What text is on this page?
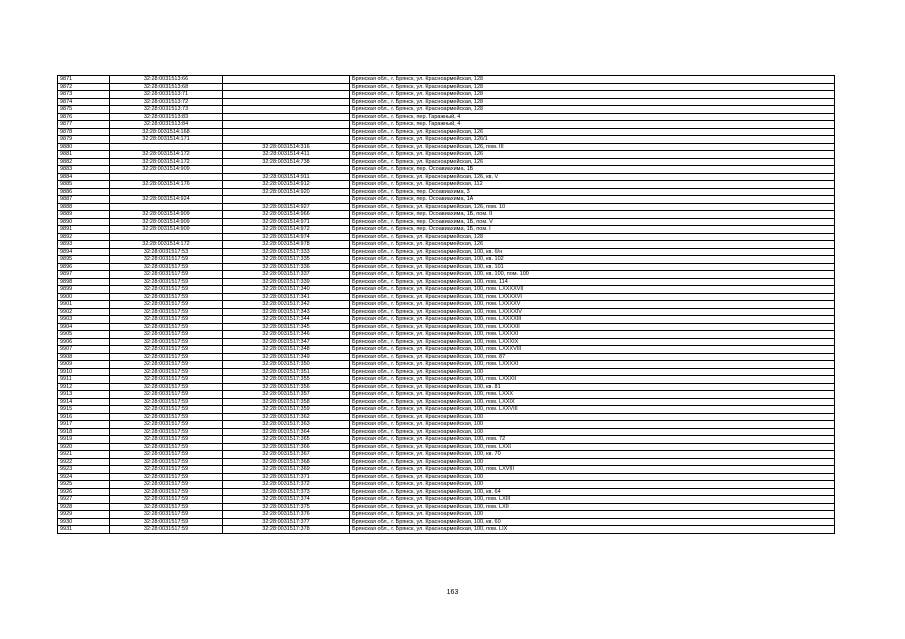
9871	32:28:0031513:66		Брянская обл., г. Брянск, ул. Красноармейская, 128
9872	32:28:0031513:68		Брянская обл., г. Брянск, ул. Красноармейская, 128
9873	32:28:0031513:71		Брянская обл., г. Брянск, ул. Красноармейская, 128
9874	32:28:0031513:72		Брянская обл., г. Брянск, ул. Красноармейская, 128
9875	32:28:0031513:73		Брянская обл., г. Брянск, ул. Красноармейская, 128
9876	32:28:0031513:83		Брянская обл., г. Брянск, пер. Гаражный, 4
9877	32:28:0031513:84		Брянская обл., г. Брянск, пер. Гаражный, 4
9878	32:28:0031514:168		Брянская обл., г. Брянск, ул. Красноармейская, 126
9879	32:28:0031514:171		Брянская обл., г. Брянск, ул. Красноармейская, 126/1
9880		32:28:0031514:316	Брянская обл., г. Брянск, ул. Красноармейская, 126, пом. III
9881	32:28:0031514:172	32:28:0031514:411	Брянская обл., г. Брянск, ул. Красноармейская, 126
9882	32:28:0031514:172	32:28:0031514:738	Брянская обл., г. Брянск, ул. Красноармейская, 126
9883	32:28:0031514:909		Брянская обл., г. Брянск, пер. Осоавиахима, 1Б
9884		32:28:0031514:911	Брянская обл., г. Брянск, ул. Красноармейская, 126, кв. V
9885	32:28:0031514:176	32:28:0031514:912	Брянская обл., г. Брянск, ул. Красноармейская, 112
9886		32:28:0031514:920	Брянская обл., г. Брянск, пер. Осоавиахима, 3
9887	32:28:0031514:924		Брянская обл., г. Брянск, пер. Осоавиахима, 1А
9888		32:28:0031514:927	Брянская обл., г. Брянск, ул. Красноармейская, 126, пом. 10
9889	32:28:0031514:909	32:28:0031514:966	Брянская обл., г. Брянск, пер. Осоавиахима, 1Б, пом. II
9890	32:28:0031514:909	32:28:0031514:971	Брянская обл., г. Брянск, пер. Осоавиахима, 1Б, пом. V
9891	32:28:0031514:909	32:28:0031514:972	Брянская обл., г. Брянск, пер. Осоавиахима, 1Б, пом. I
9892		32:28:0031514:974	Брянская обл., г. Брянск, ул. Красноармейская, 128
9893	32:28:0031514:172	32:28:0031514:978	Брянская обл., г. Брянск, ул. Красноармейская, 126
9894	32:28:0031517:53	32:28:0031517:333	Брянская обл., г. Брянск, ул. Красноармейская, 100, кв. б/н
9895	32:28:0031517:59	32:28:0031517:335	Брянская обл., г. Брянск, ул. Красноармейская, 100, кв. 102
9896	32:28:0031517:59	32:28:0031517:336	Брянская обл., г. Брянск, ул. Красноармейская, 100, кв. 101
9897	32:28:0031517:59	32:28:0031517:337	Брянская обл., г. Брянск, ул. Красноармейская, 100, кв. 100, пом. 100
9898	32:28:0031517:59	32:28:0031517:339	Брянская обл., г. Брянск, ул. Красноармейская, 100, пом. 114
9899	32:28:0031517:59	32:28:0031517:340	Брянская обл., г. Брянск, ул. Красноармейская, 100, пом. LXXXXVII
9900	32:28:0031517:59	32:28:0031517:341	Брянская обл., г. Брянск, ул. Красноармейская, 100, пом. LXXXXVI
9901	32:28:0031517:59	32:28:0031517:342	Брянская обл., г. Брянск, ул. Красноармейская, 100, пом. LXXXXV
9902	32:28:0031517:59	32:28:0031517:343	Брянская обл., г. Брянск, ул. Красноармейская, 100, пом. LXXXXIV
9903	32:28:0031517:59	32:28:0031517:344	Брянская обл., г. Брянск, ул. Красноармейская, 100, пом. LXXXXIII
9904	32:28:0031517:59	32:28:0031517:345	Брянская обл., г. Брянск, ул. Красноармейская, 100, пом. LXXXXII
9905	32:28:0031517:59	32:28:0031517:346	Брянская обл., г. Брянск, ул. Красноармейская, 100, пом. LXXXXI
9906	32:28:0031517:59	32:28:0031517:347	Брянская обл., г. Брянск, ул. Красноармейская, 100, пом. LXXXIX
9907	32:28:0031517:59	32:28:0031517:348	Брянская обл., г. Брянск, ул. Красноармейская, 100, пом. LXXXVIII
9908	32:28:0031517:59	32:28:0031517:349	Брянская обл., г. Брянск, ул. Красноармейская, 100, пом. 87
9909	32:28:0031517:59	32:28:0031517:350	Брянская обл., г. Брянск, ул. Красноармейская, 100, пом. LXXXXI
9910	32:28:0031517:59	32:28:0031517:351	Брянская обл., г. Брянск, ул. Красноармейская, 100
9911	32:28:0031517:59	32:28:0031517:355	Брянская обл., г. Брянск, ул. Красноармейская, 100, пом. LXXXII
9912	32:28:0031517:59	32:28:0031517:356	Брянская обл., г. Брянск, ул. Красноармейская, 100, кв. 81
9913	32:28:0031517:59	32:28:0031517:357	Брянская обл., г. Брянск, ул. Красноармейская, 100, пом. LXXX
9914	32:28:0031517:59	32:28:0031517:358	Брянская обл., г. Брянск, ул. Красноармейская, 100, пом. LXXIX
9915	32:28:0031517:59	32:28:0031517:359	Брянская обл., г. Брянск, ул. Красноармейская, 100, пом. LXXVIII
9916	32:28:0031517:59	32:28:0031517:362	Брянская обл., г. Брянск, ул. Красноармейская, 100
9917	32:28:0031517:59	32:28:0031517:363	Брянская обл., г. Брянск, ул. Красноармейская, 100
9918	32:28:0031517:59	32:28:0031517:364	Брянская обл., г. Брянск, ул. Красноармейская, 100
9919	32:28:0031517:59	32:28:0031517:365	Брянская обл., г. Брянск, ул. Красноармейская, 100, пом. 72
9920	32:28:0031517:59	32:28:0031517:366	Брянская обл., г. Брянск, ул. Красноармейская, 100, пом. LXXI
9921	32:28:0031517:59	32:28:0031517:367	Брянская обл., г. Брянск, ул. Красноармейская, 100, кв. 70
9922	32:28:0031517:59	32:28:0031517:368	Брянская обл., г. Брянск, ул. Красноармейская, 100
9923	32:28:0031517:59	32:28:0031517:369	Брянская обл., г. Брянск, ул. Красноармейская, 100, пом. LXVIII
9924	32:28:0031517:59	32:28:0031517:371	Брянская обл., г. Брянск, ул. Красноармейская, 100
9925	32:28:0031517:59	32:28:0031517:372	Брянская обл., г. Брянск, ул. Красноармейская, 100
9926	32:28:0031517:59	32:28:0031517:373	Брянская обл., г. Брянск, ул. Красноармейская, 100, кв. 64
9927	32:28:0031517:59	32:28:0031517:374	Брянская обл., г. Брянск, ул. Красноармейская, 100, пом. LXIII
9928	32:28:0031517:59	32:28:0031517:375	Брянская обл., г. Брянск, ул. Красноармейская, 100, пом. LXII
9929	32:28:0031517:59	32:28:0031517:376	Брянская обл., г. Брянск, ул. Красноармейская, 100
9930	32:28:0031517:59	32:28:0031517:377	Брянская обл., г. Брянск, ул. Красноармейская, 100, кв. 60
9931	32:28:0031517:59	32:28:0031517:378	Брянская обл., г. Брянск, ул. Красноармейская, 100, пом. LIX
163
